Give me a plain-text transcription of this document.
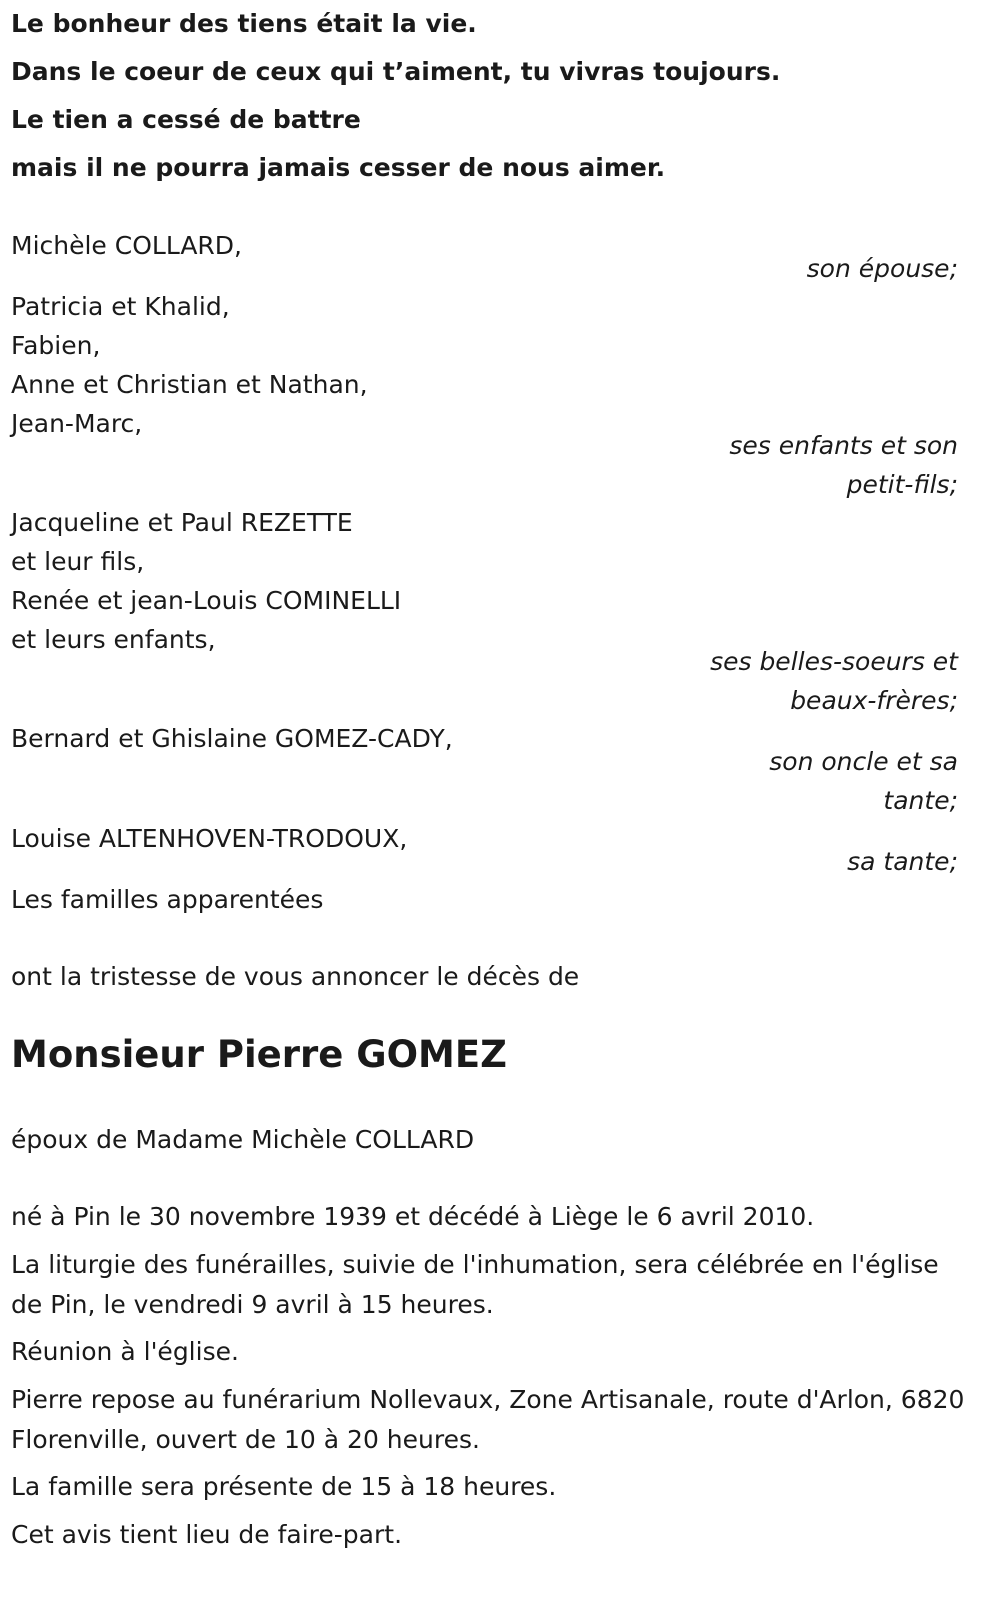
Le bonheur des tiens était la vie.

Dans le coeur de ceux qui t’aiment, tu vivras toujours.

Le tien a cessé de battre

mais il ne pourra jamais cesser de nous aimer.

Michèle COLLARD,

son épouse;

Patricia et Khalid,

Fabien,

Anne et Christian et Nathan,

Jean-Marc,

ses enfants et son

petit-fils;

Jacqueline et Paul REZETTE

et leur fils,

Renée et jean-Louis COMINELLI

et leurs enfants,

ses belles-soeurs et

beaux-frères;

Bernard et Ghislaine GOMEZ-CADY,

son oncle et sa

tante;

Louise ALTENHOVEN-TRODOUX,

sa tante;

Les familles apparentées

ont la tristesse de vous annoncer le décès de

Monsieur Pierre GOMEZ

époux de Madame Michèle COLLARD

né à Pin le 30 novembre 1939 et décédé à Liège le 6 avril 2010.

La liturgie des funérailles, suivie de l'inhumation, sera célébrée en l'église de Pin, le vendredi 9 avril à 15 heures.

Réunion à l'église.

Pierre repose au funérarium Nollevaux, Zone Artisanale, route d'Arlon, 6820 Florenville, ouvert de 10 à 20 heures.

La famille sera présente de 15 à 18 heures.

Cet avis tient lieu de faire-part.
